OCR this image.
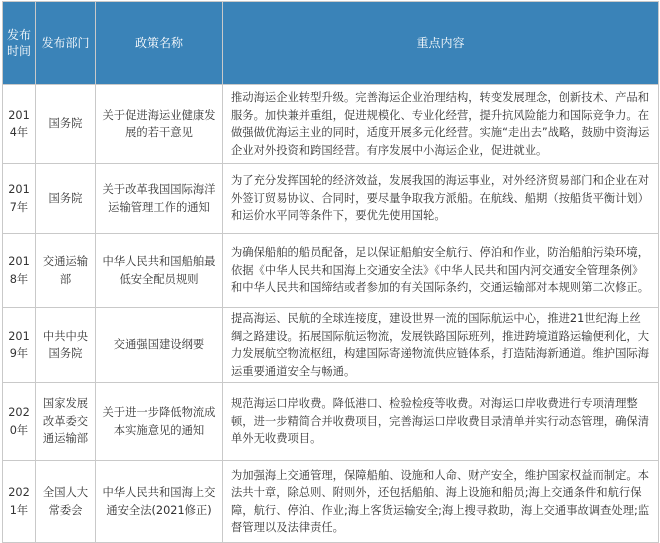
发布时间	发布部门	政策名称	重点内容
2014年	国务院	关于促进海运业健康发展的若干意见	推动海运企业转型升级。完善海运企业治理结构，转变发展理念，创新技术、产品和服务。加快兼并重组，促进规模化、专业化经营，提升抗风险能力和国际竞争力。在做强做优海运主业的同时，适度开展多元化经营。实施“走出去”战略，鼓励中资海运企业对外投资和跨国经营。有序发展中小海运企业，促进就业。
2017年	国务院	关于改革我国国际海洋运输管理工作的通知	为了充分发挥国轮的经济效益，发展我国的海运事业，对外经济贸易部门和企业在对外签订贸易协议、合同时，要尽量争取我方派船。在航线、船期（按船货平衡计划）和运价水平同等条件下，要优先使用国轮。
2018年	交通运输部	中华人民共和国船舶最低安全配员规则	为确保船舶的船员配备，足以保证船舶安全航行、停泊和作业，防治船舶污染环境，依据《中华人民共和国海上交通安全法》《中华人民共和国内河交通安全管理条例》和中华人民共和国缔结或者参加的有关国际条约，交通运输部对本规则第二次修正。
2019年	中共中央 国务院	交通强国建设纲要	提高海运、民航的全球连接度，建设世界一流的国际航运中心，推进21世纪海上丝绸之路建设。拓展国际航运物流，发展铁路国际班列，推进跨境道路运输便利化，大力发展航空物流枢纽，构建国际寄递物流供应链体系，打造陆海新通道。维护国际海运重要通道安全与畅通。
2020年	国家发展改革委交通运输部	关于进一步降低物流成本实施意见的通知	规范海运口岸收费。降低港口、检验检疫等收费。对海运口岸收费进行专项清理整顿，进一步精简合并收费项目，完善海运口岸收费目录清单并实行动态管理，确保清单外无收费项目。
2021年	全国人大常委会	中华人民共和国海上交通安全法(2021修正)	为加强海上交通管理，保障船舶、设施和人命、财产安全，维护国家权益而制定。本法共十章，除总则、附则外，还包括船舶、海上设施和船员;海上交通条件和航行保障，航行、停泊、作业;海上客货运输安全;海上搜寻救助，海上交通事故调查处理;监督管理以及法律责任。
